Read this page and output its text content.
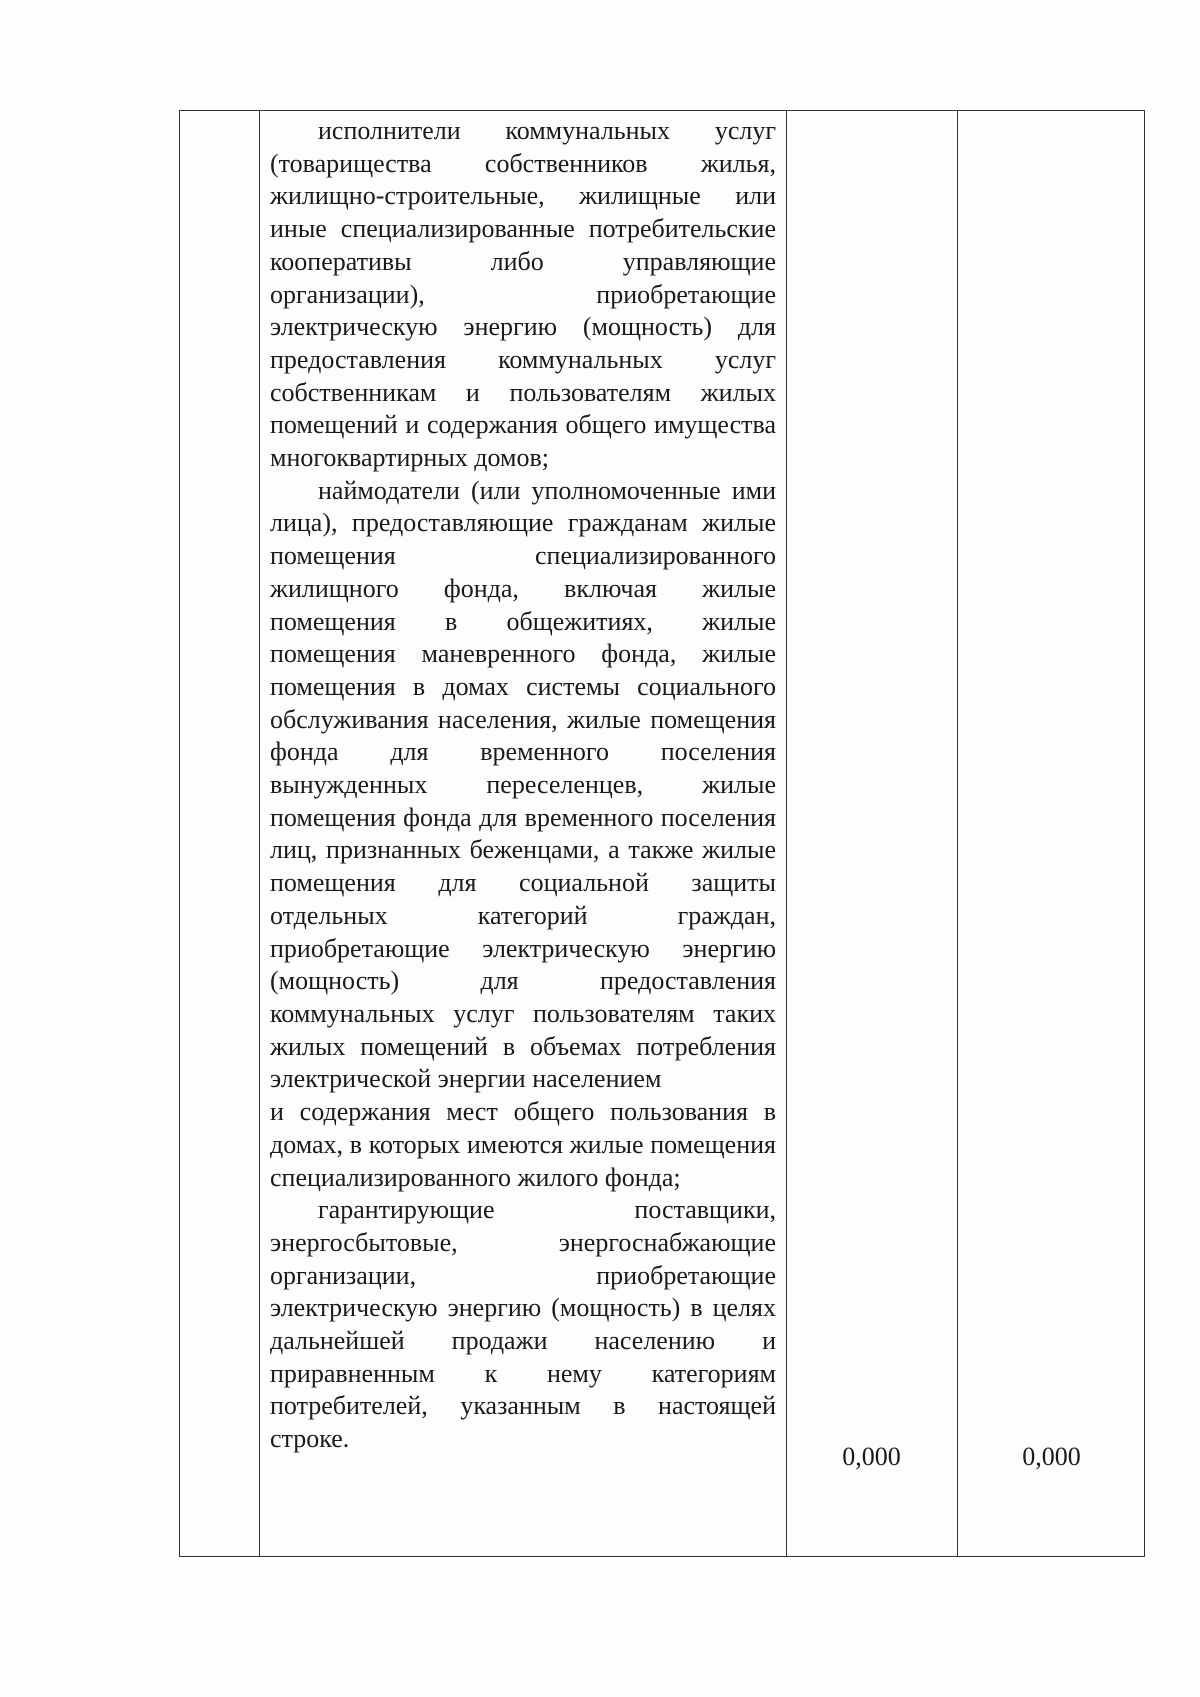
исполнители коммунальных услуг (товарищества собственников жилья, жилищно-строительные, жилищные или иные специализированные потребительские кооперативы либо управляющие организации), приобретающие электрическую энергию (мощность) для предоставления коммунальных услуг собственникам и пользователям жилых помещений и содержания общего имущества многоквартирных домов;

наймодатели (или уполномоченные ими лица), предоставляющие гражданам жилые помещения специализированного жилищного фонда, включая жилые помещения в общежитиях, жилые помещения маневренного фонда, жилые помещения в домах системы социального обслуживания населения, жилые помещения фонда для временного поселения вынужденных переселенцев, жилые помещения фонда для временного поселения лиц, признанных беженцами, а также жилые помещения для социальной защиты отдельных категорий граждан, приобретающие электрическую энергию (мощность) для предоставления коммунальных услуг пользователям таких жилых помещений в объемах потребления электрической энергии населением

и содержания мест общего пользования в домах, в которых имеются жилые помещения специализированного жилого фонда;

гарантирующие поставщики, энергосбытовые, энергоснабжающие организации, приобретающие электрическую энергию (мощность) в целях дальнейшей продажи населению и приравненным к нему категориям потребителей, указанным в настоящей строке.

0,000	0,000
